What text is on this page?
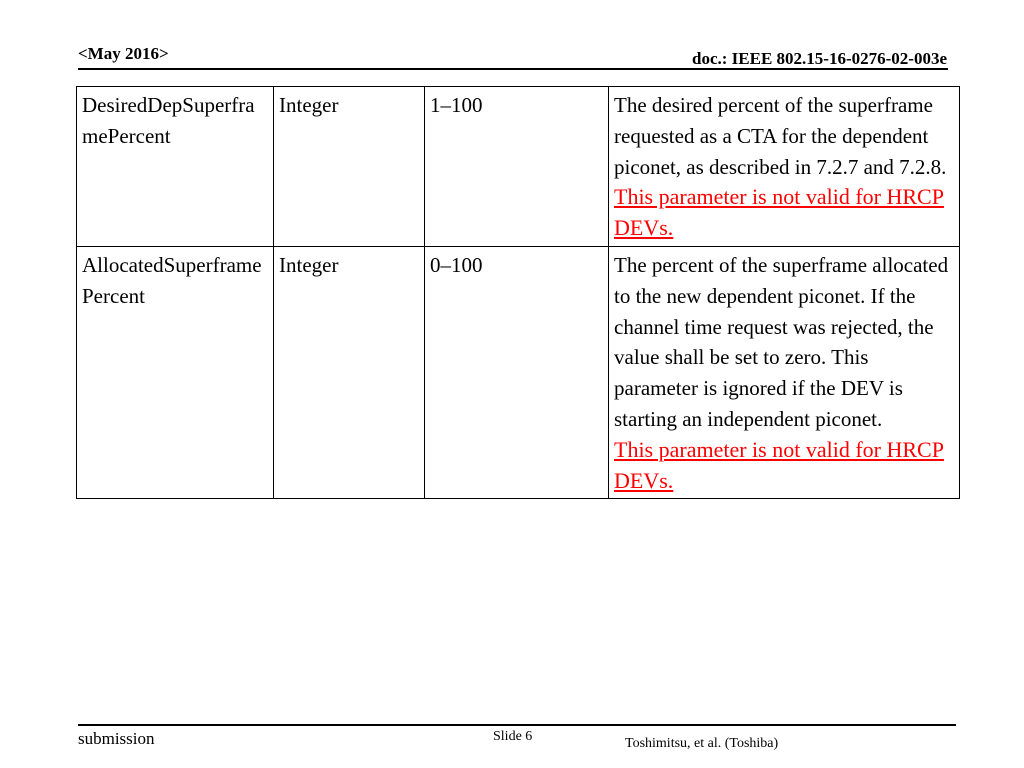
<May 2016>	doc.: IEEE 802.15-16-0276-02-003e
DesiredDepSuperframePercent	Integer	1–100	The desired percent of the superframe requested as a CTA for the dependent piconet, as described in 7.2.7 and 7.2.8.
This parameter is not valid for HRCP DEVs.

AllocatedSuperframePercent	Integer	0–100	The percent of the superframe allocated to the new dependent piconet. If the channel time request was rejected, the value shall be set to zero. This parameter is ignored if the DEV is starting an independent piconet.
This parameter is not valid for HRCP DEVs.
submission	Slide 6	Toshimitsu, et al. (Toshiba)
